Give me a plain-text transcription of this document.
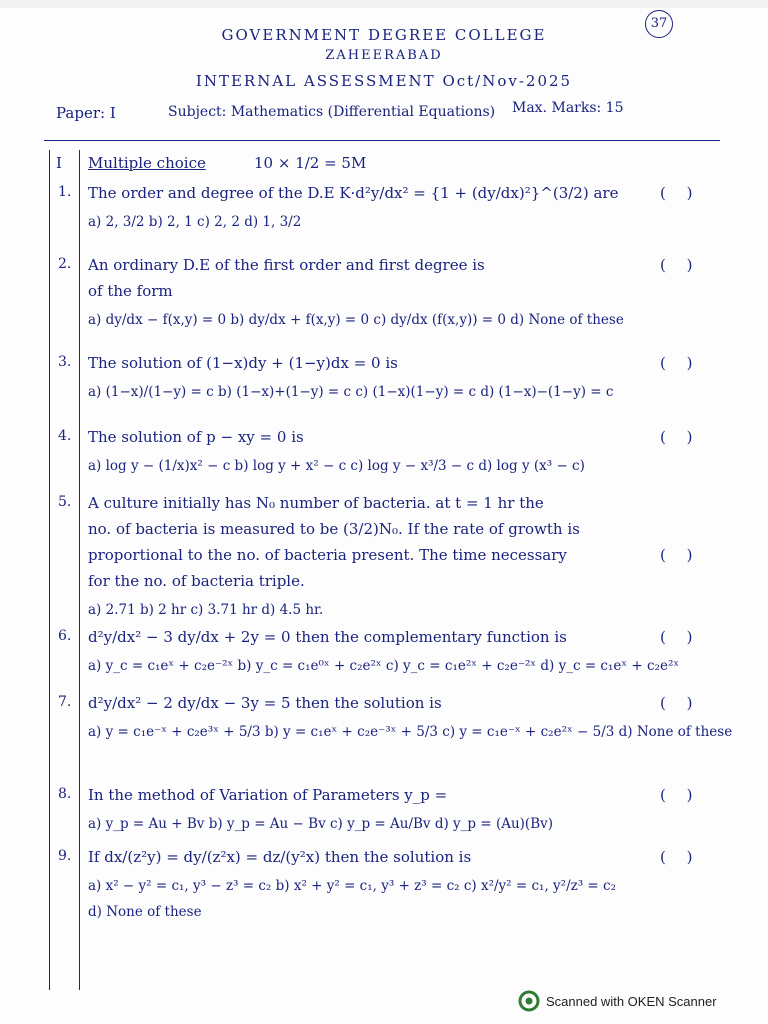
37
GOVERNMENT DEGREE COLLEGE
ZAHEERABAD
INTERNAL ASSESSMENT Oct/Nov-2025
Paper: I	Subject: Mathematics (Differential Equations) Max. Marks: 15
I Multiple choice	10 × 1/2 = 5M
1. The order and degree of the D.E K·d²y/dx² = {1 + (dy/dx)²}^(3/2) are	( )
a) 2, 3/2 b) 2, 1 c) 2, 2 d) 1, 3/2
2. An ordinary D.E of the first order and first degree is	( )
of the form
a) dy/dx − f(x,y) = 0 b) dy/dx + f(x,y) = 0 c) dy/dx (f(x,y)) = 0 d) None of these
3. The solution of (1−x)dy + (1−y)dx = 0 is	( )
a) (1−x)/(1−y) = c b) (1−x)+(1−y) = c c) (1−x)(1−y) = c d) (1−x)−(1−y) = c
4. The solution of p − xy = 0 is	( )
a) log y − (1/x)x² − c b) log y + x² − c c) log y − x³/3 − c d) log y (x³ − c)
5. A culture initially has N₀ number of bacteria. at t = 1 hr the
no. of bacteria is measured to be (3/2)N₀. If the rate of growth is
proportional to the no. of bacteria present. The time necessary	( )
for the no. of bacteria triple.
a) 2.71 b) 2 hr c) 3.71 hr d) 4.5 hr.
6. d²y/dx² − 3 dy/dx + 2y = 0 then the complementary function is	( )
a) y_c = c₁eˣ + c₂e⁻²ˣ b) y_c = c₁e⁰ˣ + c₂e²ˣ c) y_c = c₁e²ˣ + c₂e⁻²ˣ d) y_c = c₁eˣ + c₂e²ˣ
7. d²y/dx² − 2 dy/dx − 3y = 5 then the solution is	( )
a) y = c₁e⁻ˣ + c₂e³ˣ + 5/3 b) y = c₁eˣ + c₂e⁻³ˣ + 5/3 c) y = c₁e⁻ˣ + c₂e²ˣ − 5/3 d) None of these
8. In the method of Variation of Parameters y_p =	( )
a) y_p = Au + Bv b) y_p = Au − Bv c) y_p = Au/Bv d) y_p = (Au)(Bv)
9. If dx/(z²y) = dy/(z²x) = dz/(y²x) then the solution is	( )
a) x² − y² = c₁, y³ − z³ = c₂ b) x² + y² = c₁, y³ + z³ = c₂ c) x²/y² = c₁, y²/z³ = c₂
d) None of these
Scanned with OKEN Scanner
